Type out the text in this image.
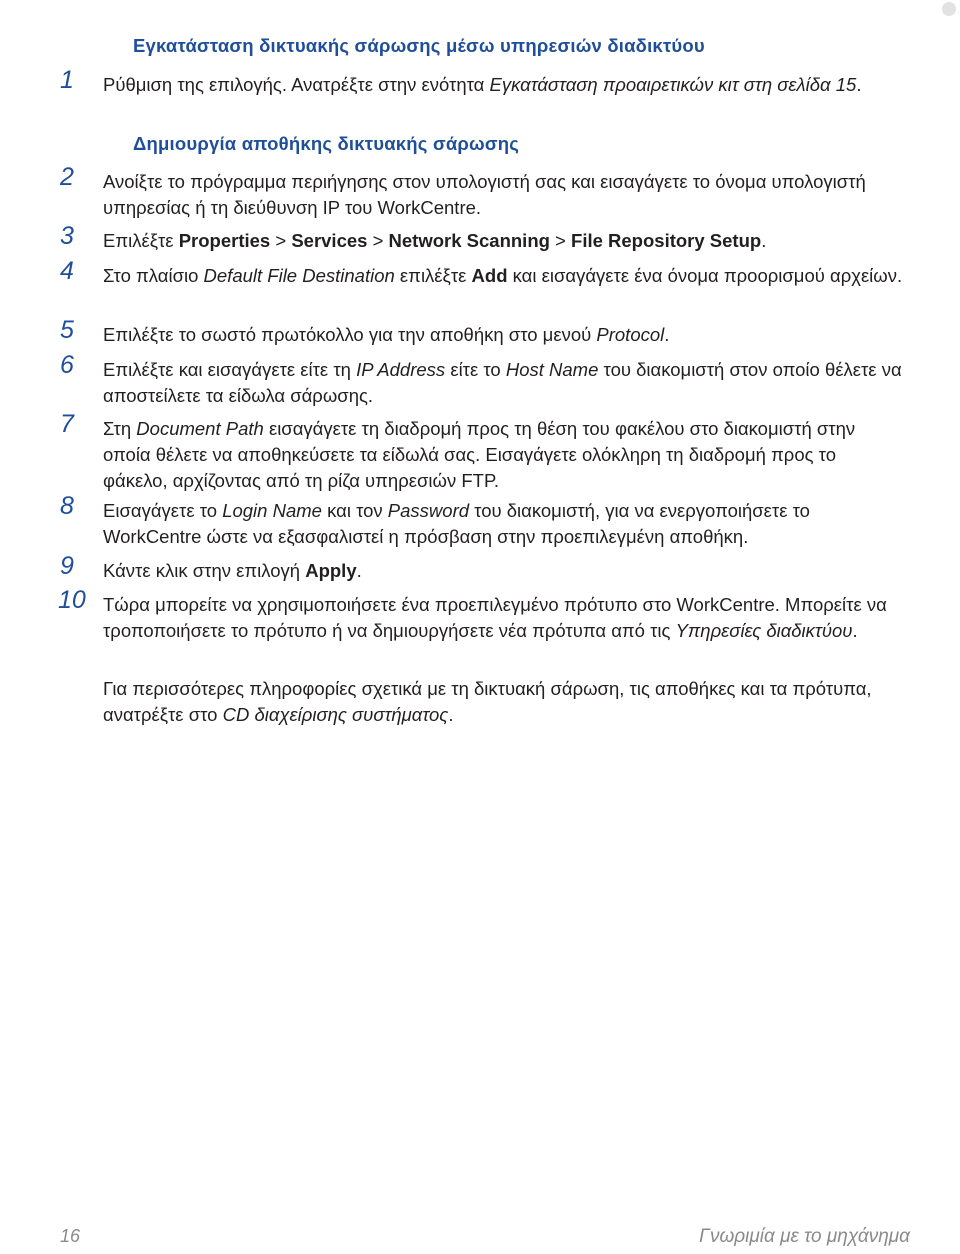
Εγκατάσταση δικτυακής σάρωσης μέσω υπηρεσιών διαδικτύου
1 Ρύθμιση της επιλογής. Ανατρέξτε στην ενότητα Εγκατάσταση προαιρετικών κιτ στη σελίδα 15.
Δημιουργία αποθήκης δικτυακής σάρωσης
2 Ανοίξτε το πρόγραμμα περιήγησης στον υπολογιστή σας και εισαγάγετε το όνομα υπολογιστή υπηρεσίας ή τη διεύθυνση IP του WorkCentre.
3 Επιλέξτε Properties > Services > Network Scanning > File Repository Setup.
4 Στο πλαίσιο Default File Destination επιλέξτε Add και εισαγάγετε ένα όνομα προορισμού αρχείων.
5 Επιλέξτε το σωστό πρωτόκολλο για την αποθήκη στο μενού Protocol.
6 Επιλέξτε και εισαγάγετε είτε τη IP Address είτε το Host Name του διακομιστή στον οποίο θέλετε να αποστείλετε τα είδωλα σάρωσης.
7 Στη Document Path εισαγάγετε τη διαδρομή προς τη θέση του φακέλου στο διακομιστή στην οποία θέλετε να αποθηκεύσετε τα είδωλά σας. Εισαγάγετε ολόκληρη τη διαδρομή προς το φάκελο, αρχίζοντας από τη ρίζα υπηρεσιών FTP.
8 Εισαγάγετε το Login Name και τον Password του διακομιστή, για να ενεργοποιήσετε το WorkCentre ώστε να εξασφαλιστεί η πρόσβαση στην προεπιλεγμένη αποθήκη.
9 Κάντε κλικ στην επιλογή Apply.
10 Τώρα μπορείτε να χρησιμοποιήσετε ένα προεπιλεγμένο πρότυπο στο WorkCentre. Μπορείτε να τροποποιήσετε το πρότυπο ή να δημιουργήσετε νέα πρότυπα από τις Υπηρεσίες διαδικτύου.
Για περισσότερες πληροφορίες σχετικά με τη δικτυακή σάρωση, τις αποθήκες και τα πρότυπα, ανατρέξτε στο CD διαχείρισης συστήματος.
16	Γνωριμία με το μηχάνημα
